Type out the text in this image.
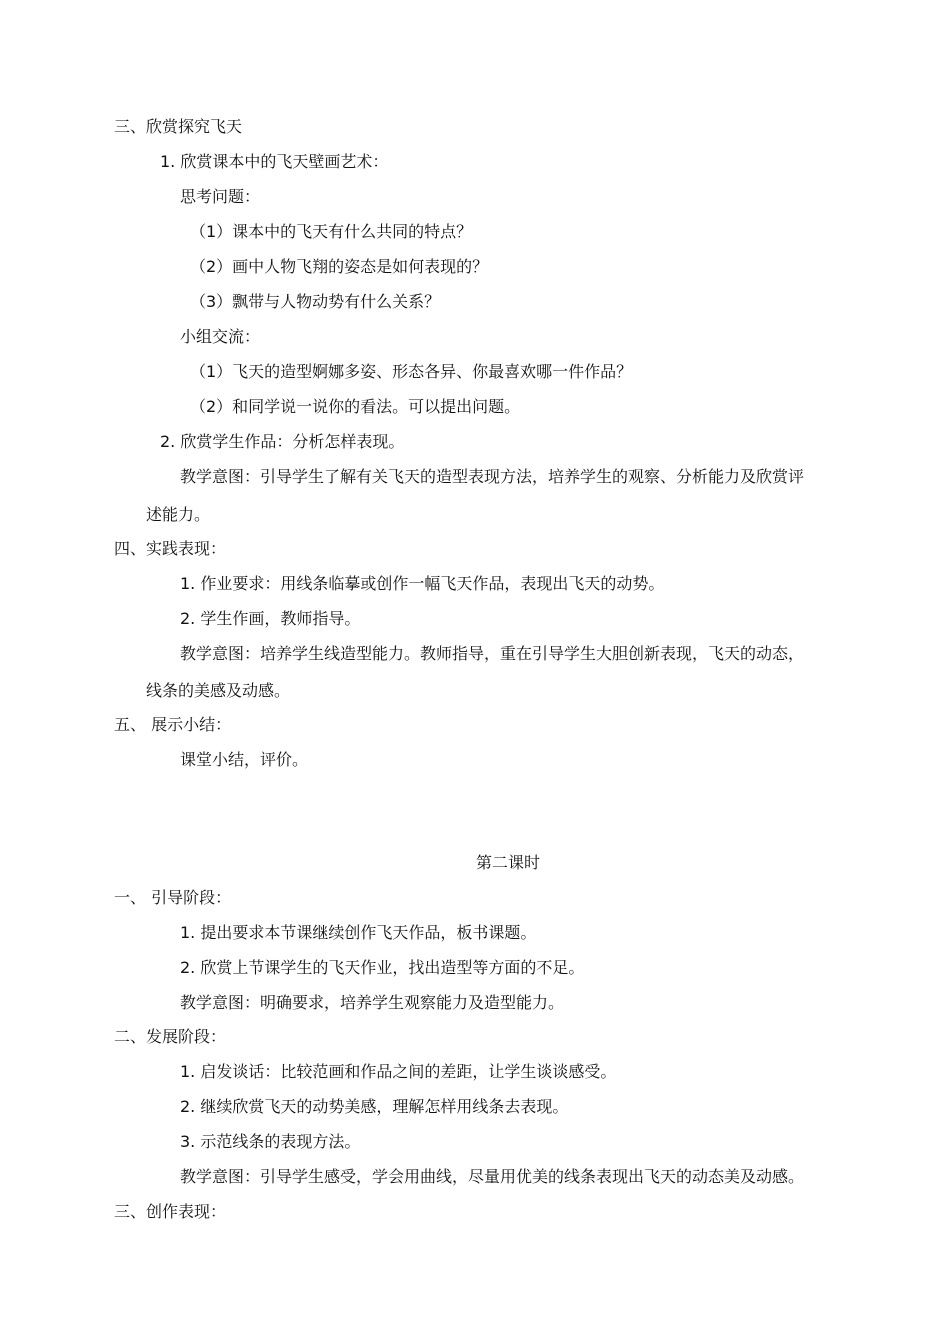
三、欣赏探究飞天

1. 欣赏课本中的飞天壁画艺术：

思考问题：

（1）课本中的飞天有什么共同的特点？

（2）画中人物飞翔的姿态是如何表现的？

（3）飘带与人物动势有什么关系？

小组交流：

（1）飞天的造型婀娜多姿、形态各异、你最喜欢哪一件作品？

（2）和同学说一说你的看法。可以提出问题。

2. 欣赏学生作品：分析怎样表现。

教学意图：引导学生了解有关飞天的造型表现方法，培养学生的观察、分析能力及欣赏评

述能力。

四、实践表现：

1. 作业要求：用线条临摹或创作一幅飞天作品，表现出飞天的动势。

2. 学生作画，教师指导。

教学意图：培养学生线造型能力。教师指导，重在引导学生大胆创新表现，飞天的动态，

线条的美感及动感。

五、 展示小结：

课堂小结，评价。

第二课时

一、 引导阶段：

1. 提出要求本节课继续创作飞天作品，板书课题。

2. 欣赏上节课学生的飞天作业，找出造型等方面的不足。

教学意图：明确要求，培养学生观察能力及造型能力。

二、发展阶段：

1. 启发谈话：比较范画和作品之间的差距，让学生谈谈感受。

2. 继续欣赏飞天的动势美感，理解怎样用线条去表现。

3. 示范线条的表现方法。

教学意图：引导学生感受，学会用曲线，尽量用优美的线条表现出飞天的动态美及动感。

三、创作表现：
